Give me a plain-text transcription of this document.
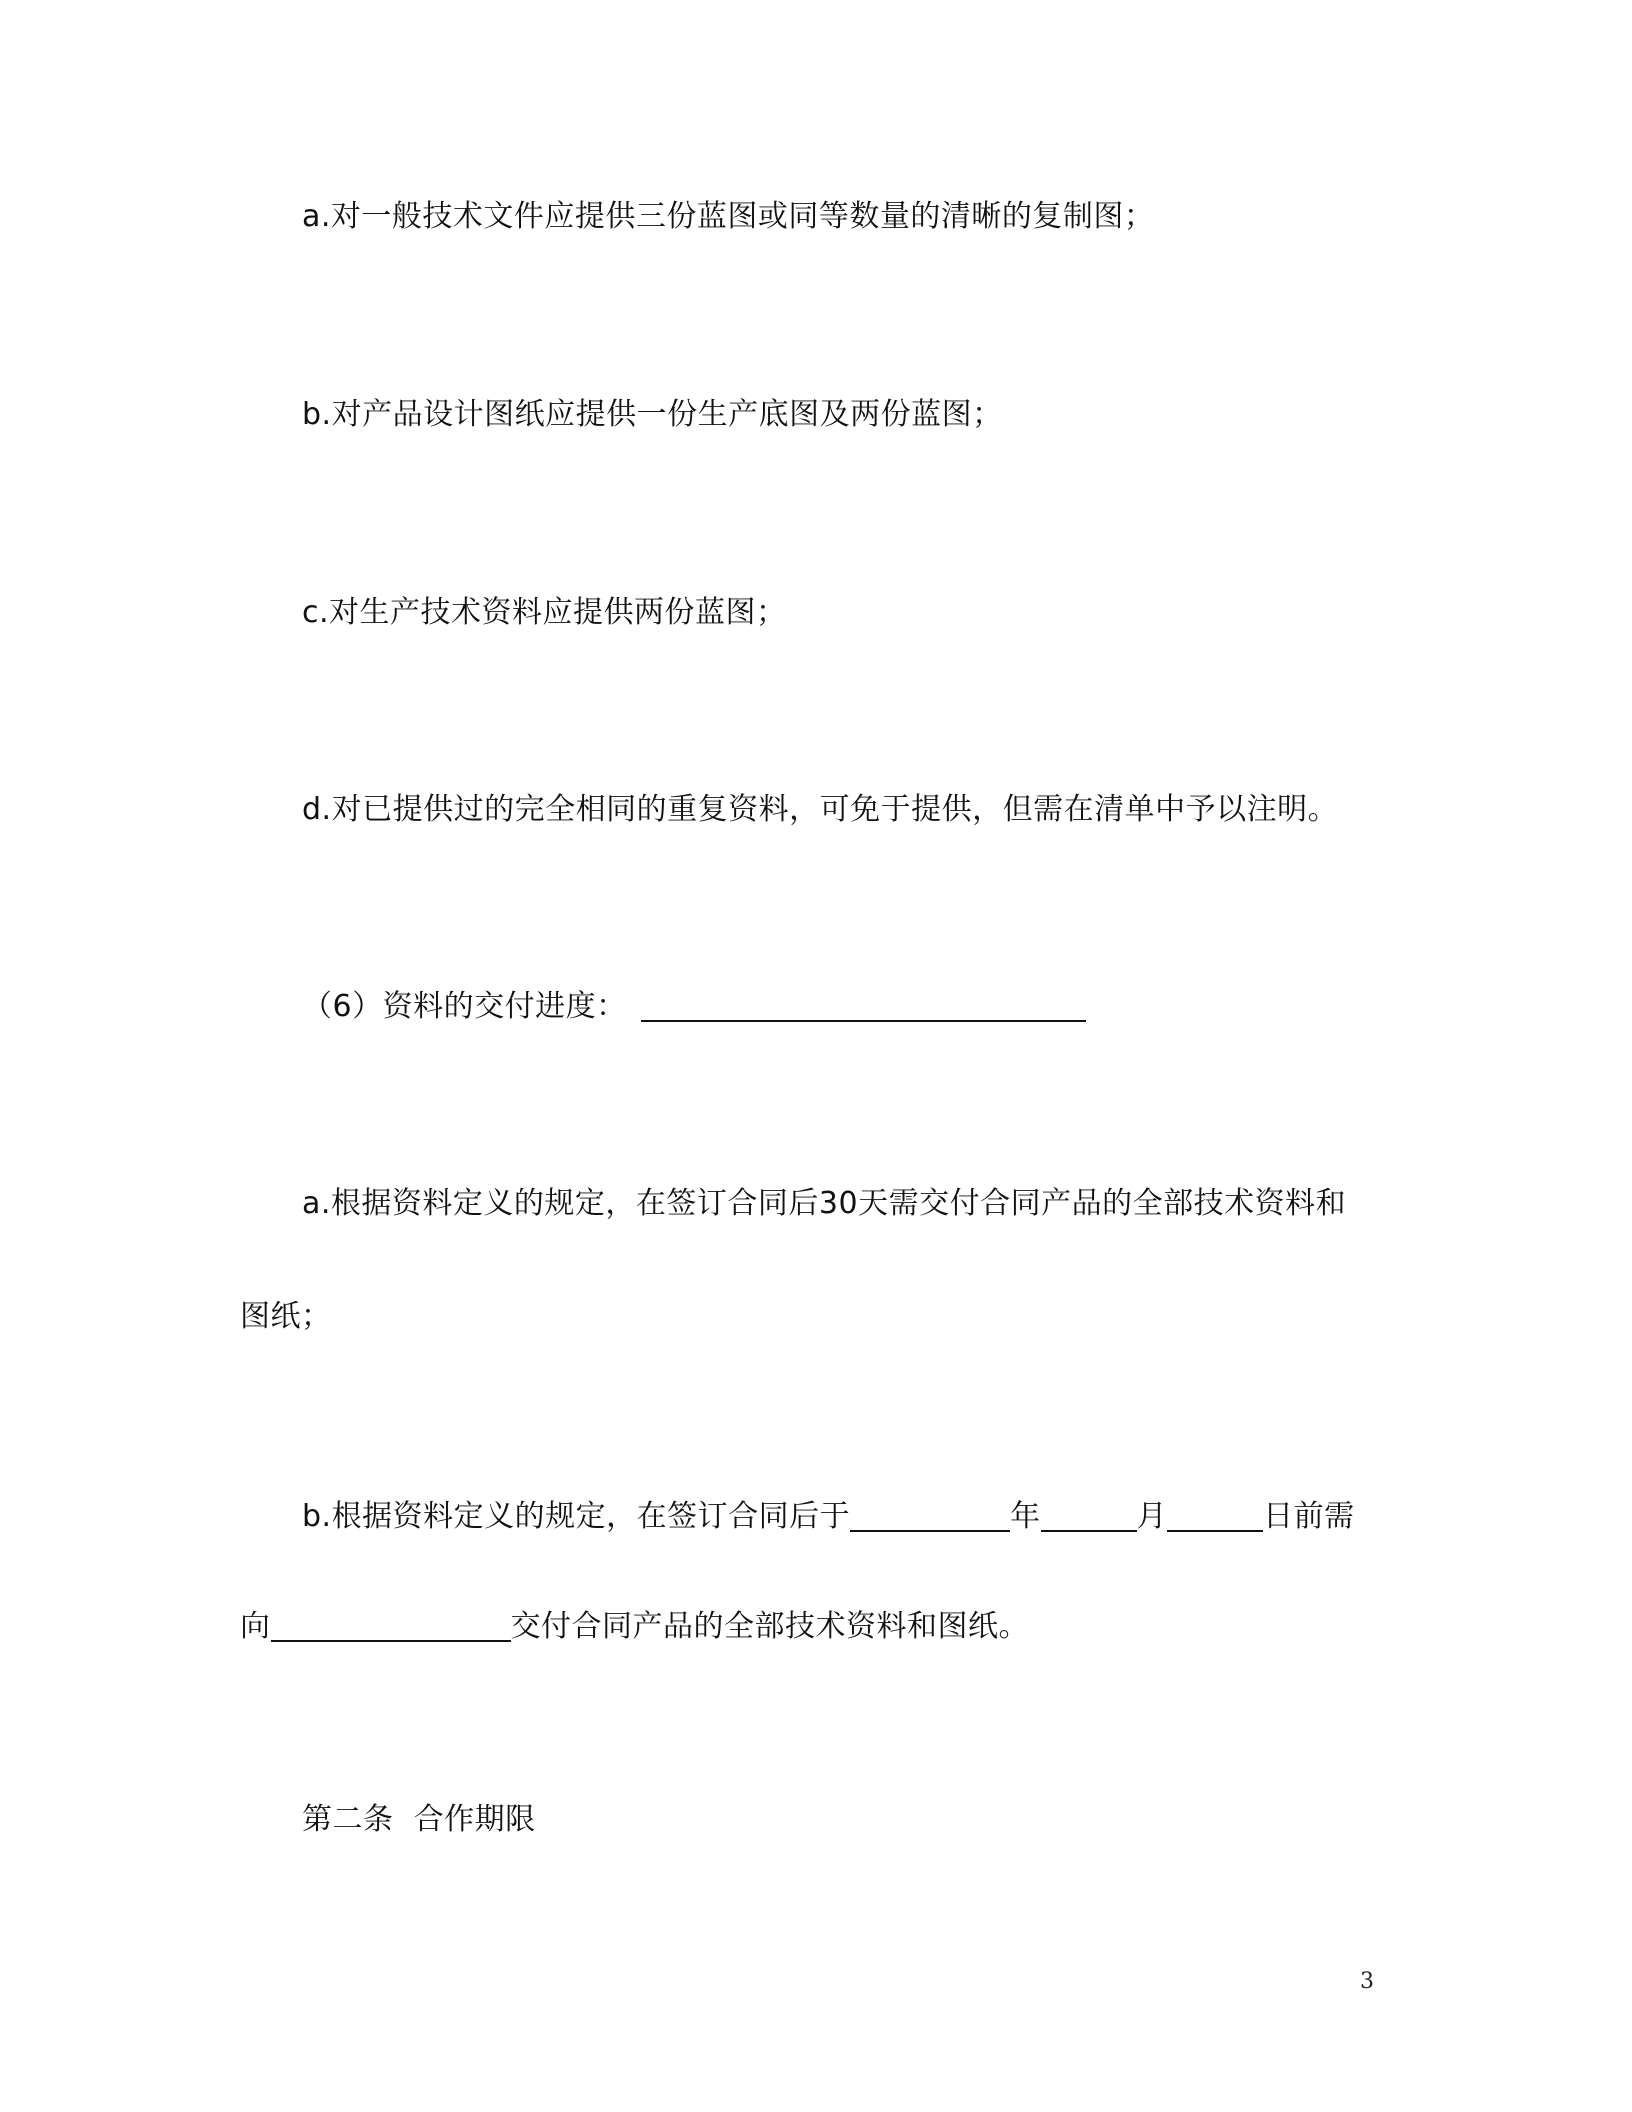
a.对一般技术文件应提供三份蓝图或同等数量的清晰的复制图；
b.对产品设计图纸应提供一份生产底图及两份蓝图；
c.对生产技术资料应提供两份蓝图；
d.对已提供过的完全相同的重复资料，可免于提供，但需在清单中予以注明。
（6）资料的交付进度：
a.根据资料定义的规定，在签订合同后30天需交付合同产品的全部技术资料和
图纸；
b.根据资料定义的规定，在签订合同后于	年	月	日前需
向	交付合同产品的全部技术资料和图纸。
第二条  合作期限
3
